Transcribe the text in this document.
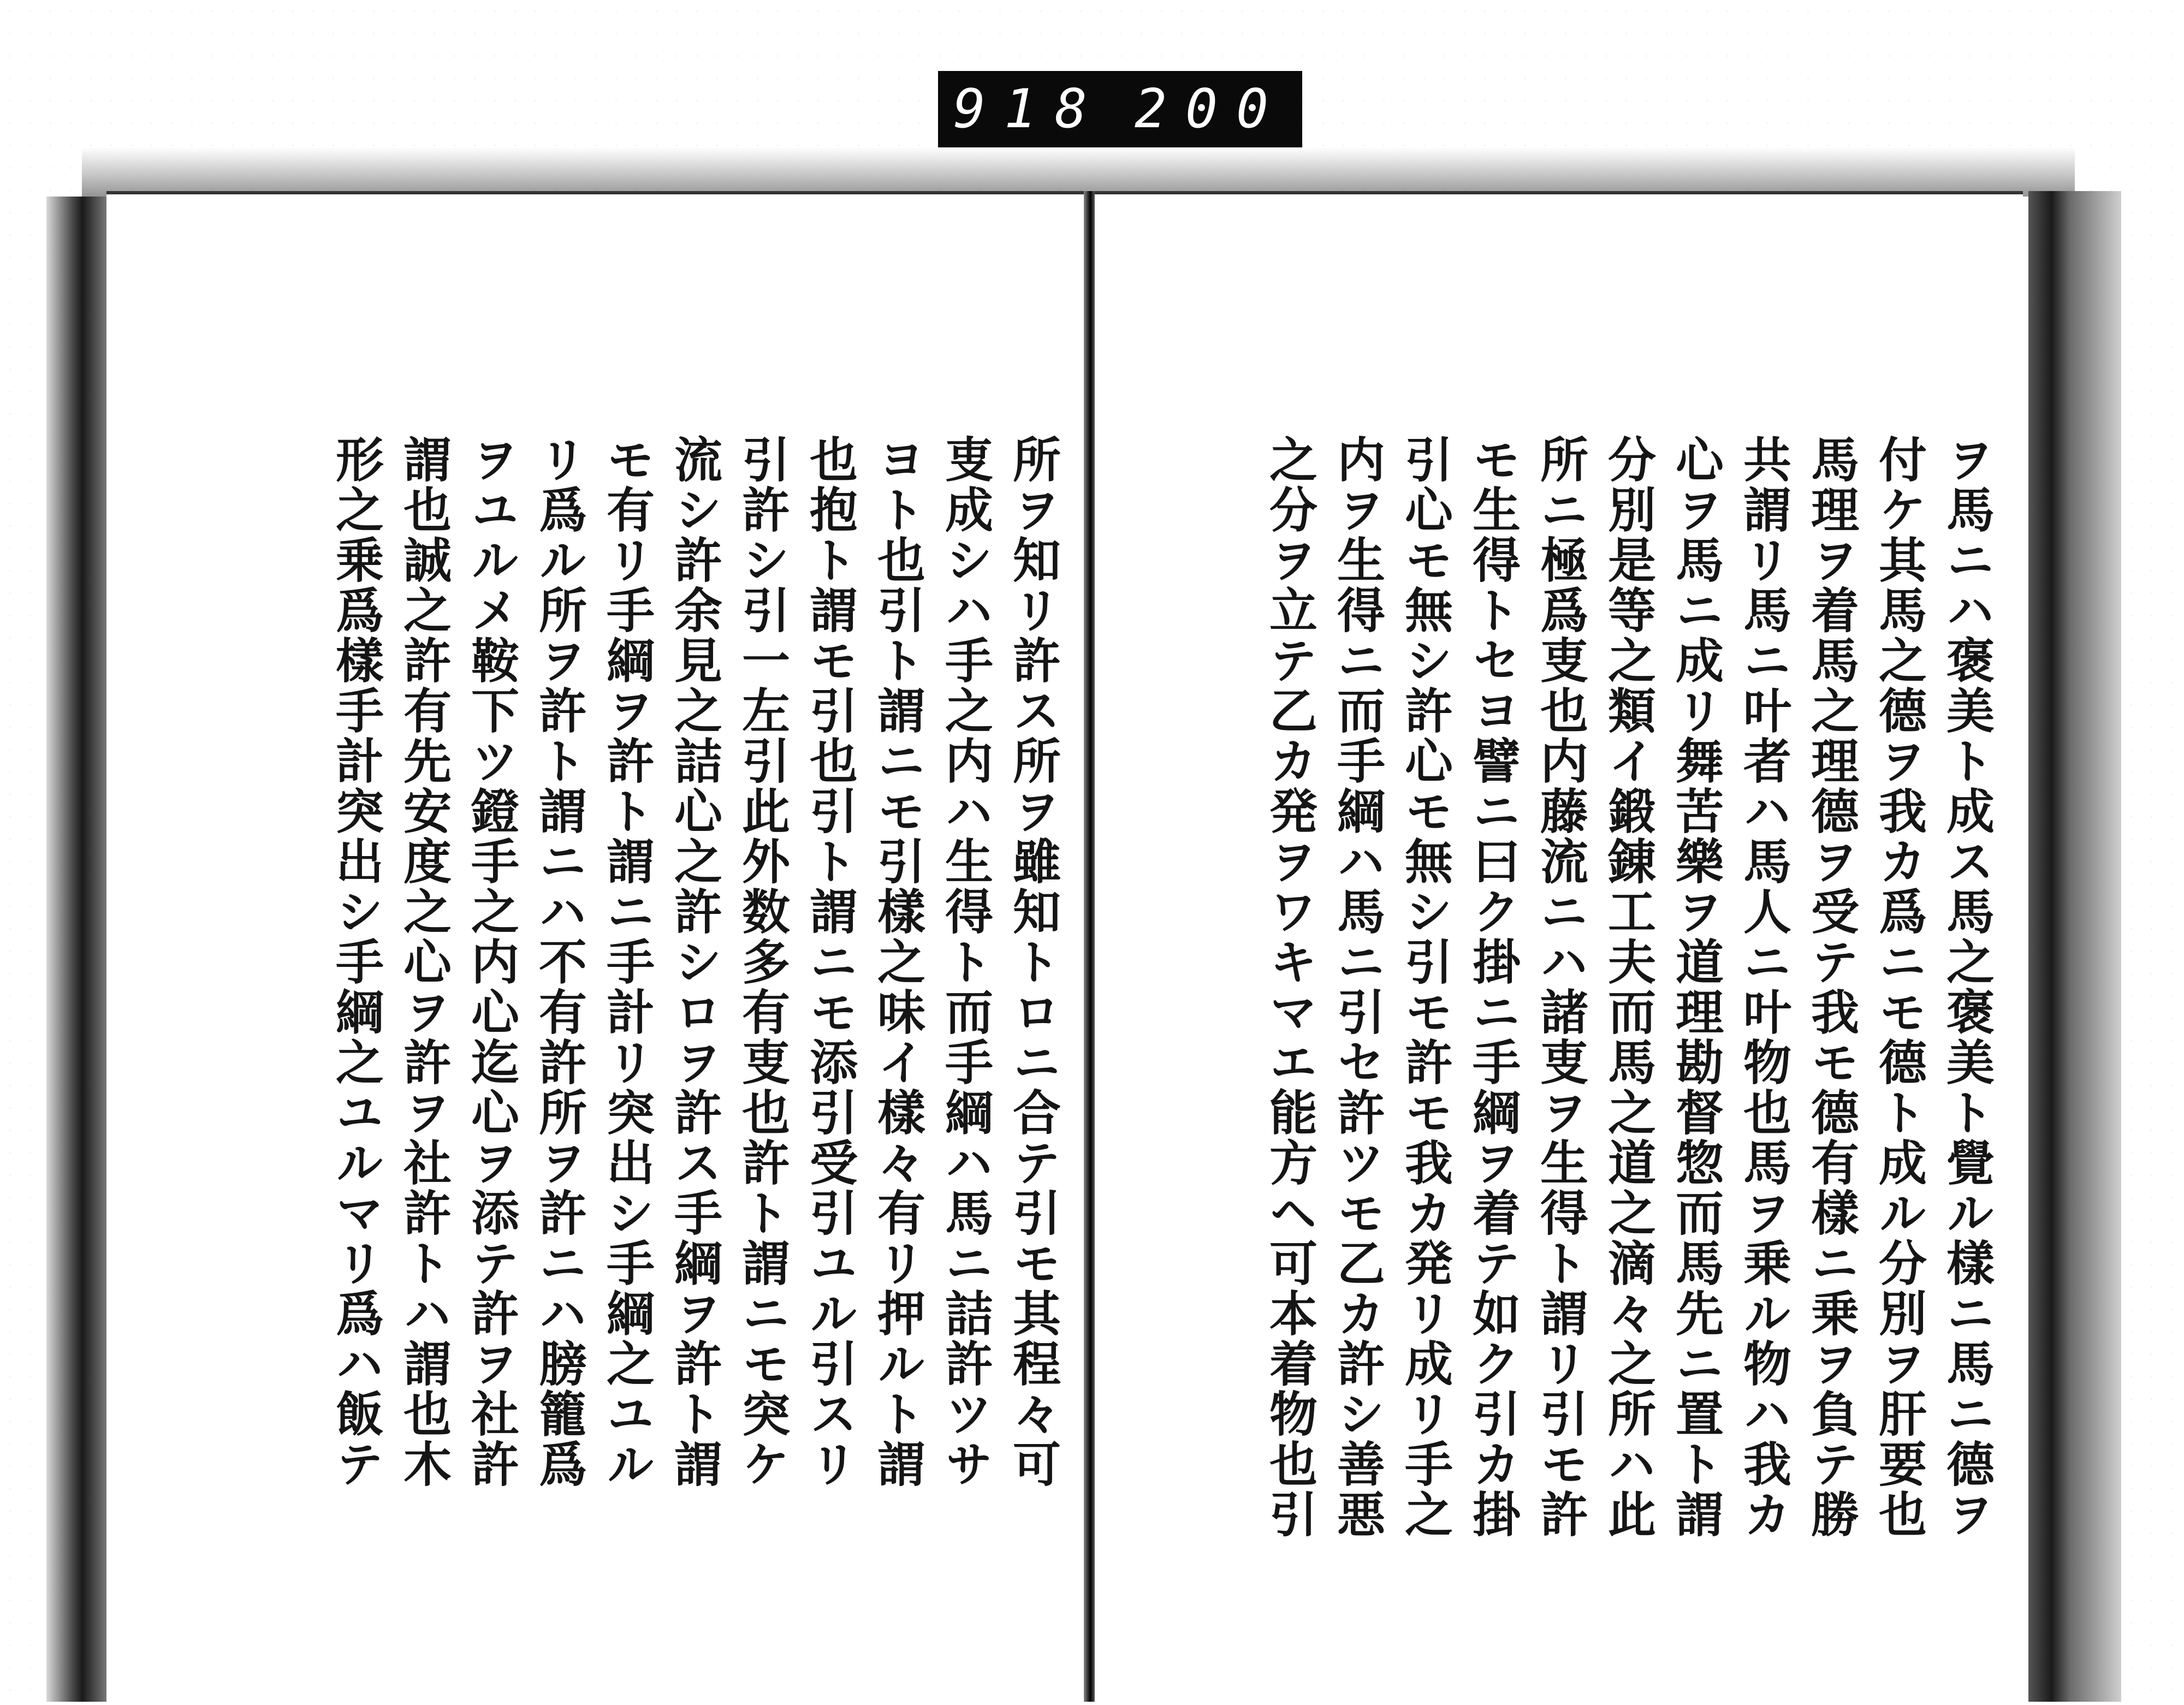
918 200
所ヲ知リ許ス所ヲ雖知トロニ合テ引モ其程々可
叓成シハ手之内ハ生得ト而手綱ハ馬ニ詰許ツサ
ヨト也引ト謂ニモ引樣之味イ樣々有リ押ルト謂
也抱ト謂モ引也引ト謂ニモ添引受引ユル引スリ
引許シ引一左引此外数多有叓也許ト謂ニモ突ケ
流シ許余見之詰心之許シロヲ許ス手綱ヲ許ト謂
モ有リ手綱ヲ許ト謂ニ手計リ突出シ手綱之ユル
リ爲ル所ヲ許ト謂ニハ不有許所ヲ許ニハ膀籠爲
ヲユルメ鞍下ツ鐙手之内心迄心ヲ添テ許ヲ社許
謂也誠之許有先安度之心ヲ許ヲ社許トハ謂也木
形之乗爲樣手計突出シ手綱之ユルマリ爲ハ飯テ	ヲ馬ニハ褒美ト成ス馬之褒美ト覺ル樣ニ馬ニ德ヲ
付ケ其馬之德ヲ我カ爲ニモ德ト成ル分別ヲ肝要也
馬理ヲ着馬之理德ヲ受テ我モ德有樣ニ乗ヲ負テ勝
共謂リ馬ニ叶者ハ馬人ニ叶物也馬ヲ乗ル物ハ我カ
心ヲ馬ニ成リ舞苦樂ヲ道理勘督惣而馬先ニ置ト謂
分別是等之類イ鍛錬工夫而馬之道之滴々之所ハ此
所ニ極爲叓也内藤流ニハ諸叓ヲ生得ト謂リ引モ許
モ生得トセヨ譬ニ曰ク掛ニ手綱ヲ着テ如ク引カ掛
引心モ無シ許心モ無シ引モ許モ我カ発リ成リ手之
内ヲ生得ニ而手綱ハ馬ニ引セ許ツモ乙カ許シ善悪
之分ヲ立テ乙カ発ヲワキマエ能方ヘ可本着物也引
